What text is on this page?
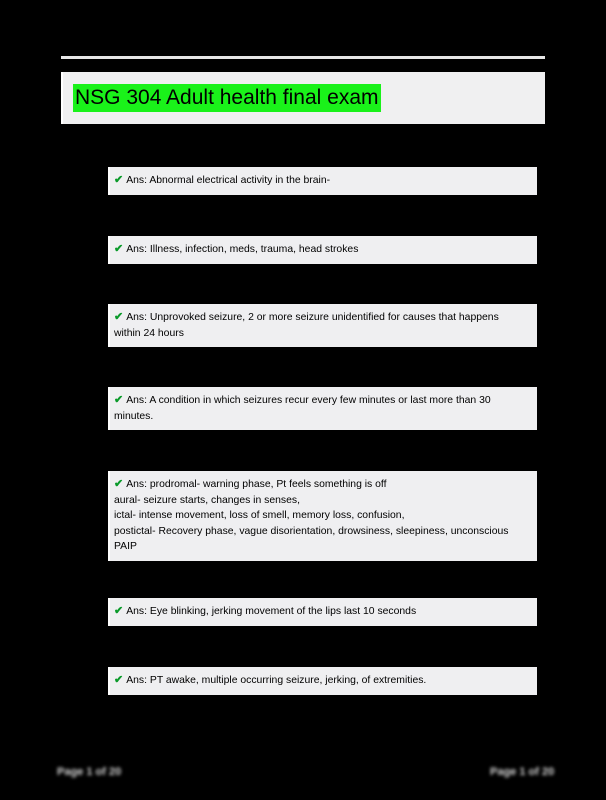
NSG 304 Adult health final exam
✔ Ans: Abnormal electrical activity in the brain-
✔ Ans: Illness, infection, meds, trauma, head strokes
✔ Ans: Unprovoked seizure, 2 or more seizure unidentified for causes that happens
within 24 hours
✔ Ans: A condition in which seizures recur every few minutes or last more than 30
minutes.
✔ Ans: prodromal- warning phase, Pt feels something is off
aural- seizure starts, changes in senses,
ictal- intense movement, loss of smell, memory loss, confusion,
postictal- Recovery phase, vague disorientation, drowsiness, sleepiness, unconscious
PAIP
✔ Ans: Eye blinking, jerking movement of the lips last 10 seconds
✔ Ans: PT awake, multiple occurring seizure, jerking, of extremities.
Page 1 of 20	Page 1 of 20
